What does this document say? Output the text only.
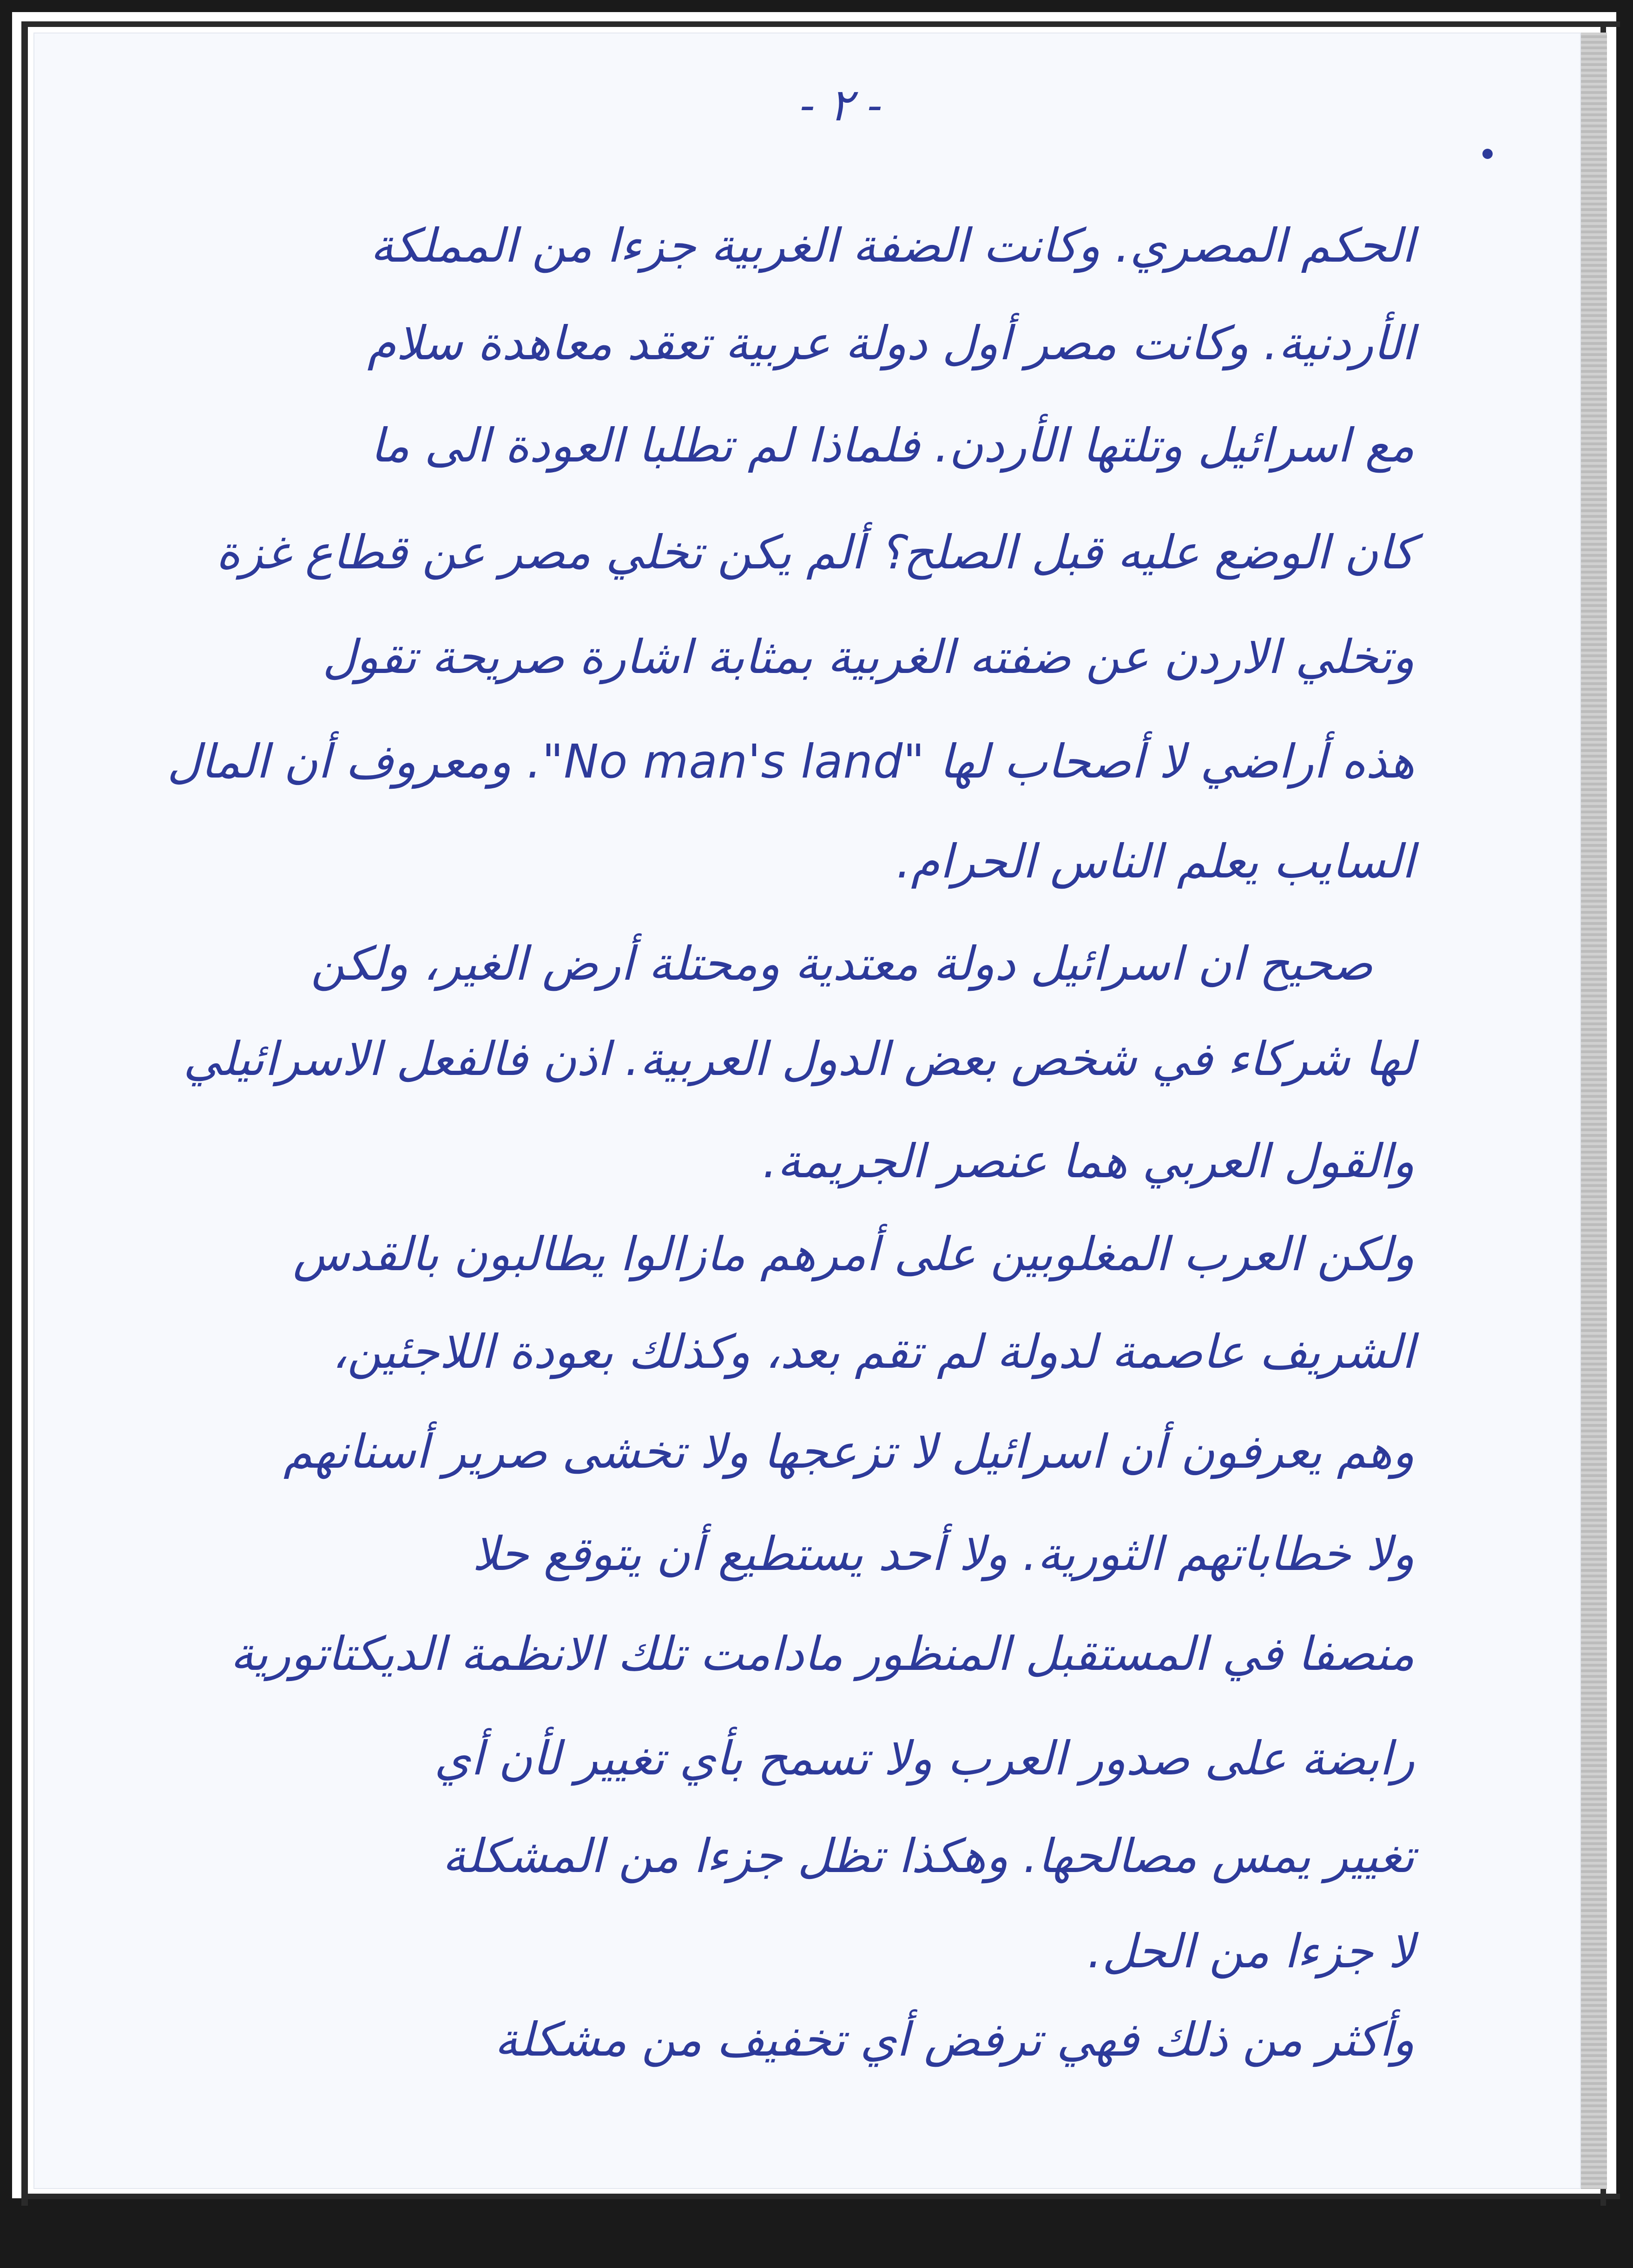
- ٢ -
الحكم المصري. وكانت الضفة الغربية جزءا من المملكة
الأردنية. وكانت مصر أول دولة عربية تعقد معاهدة سلام
مع اسرائيل وتلتها الأردن. فلماذا لم تطلبا العودة الى ما
كان الوضع عليه قبل الصلح؟ ألم يكن تخلي مصر عن قطاع غزة
وتخلي الاردن عن ضفته الغربية بمثابة اشارة صريحة تقول
هذه أراضي لا أصحاب لها "No man's land". ومعروف أن المال
السايب يعلم الناس الحرام.
صحيح ان اسرائيل دولة معتدية ومحتلة أرض الغير، ولكن
لها شركاء في شخص بعض الدول العربية. اذن فالفعل الاسرائيلي
والقول العربي هما عنصر الجريمة.
ولكن العرب المغلوبين على أمرهم مازالوا يطالبون بالقدس
الشريف عاصمة لدولة لم تقم بعد، وكذلك بعودة اللاجئين،
وهم يعرفون أن اسرائيل لا تزعجها ولا تخشى صرير أسنانهم
ولا خطاباتهم الثورية. ولا أحد يستطيع أن يتوقع حلا
منصفا في المستقبل المنظور مادامت تلك الانظمة الديكتاتورية
رابضة على صدور العرب ولا تسمح بأي تغيير لأن أي
تغيير يمس مصالحها. وهكذا تظل جزءا من المشكلة
لا جزءا من الحل.
وأكثر من ذلك فهي ترفض أي تخفيف من مشكلة
